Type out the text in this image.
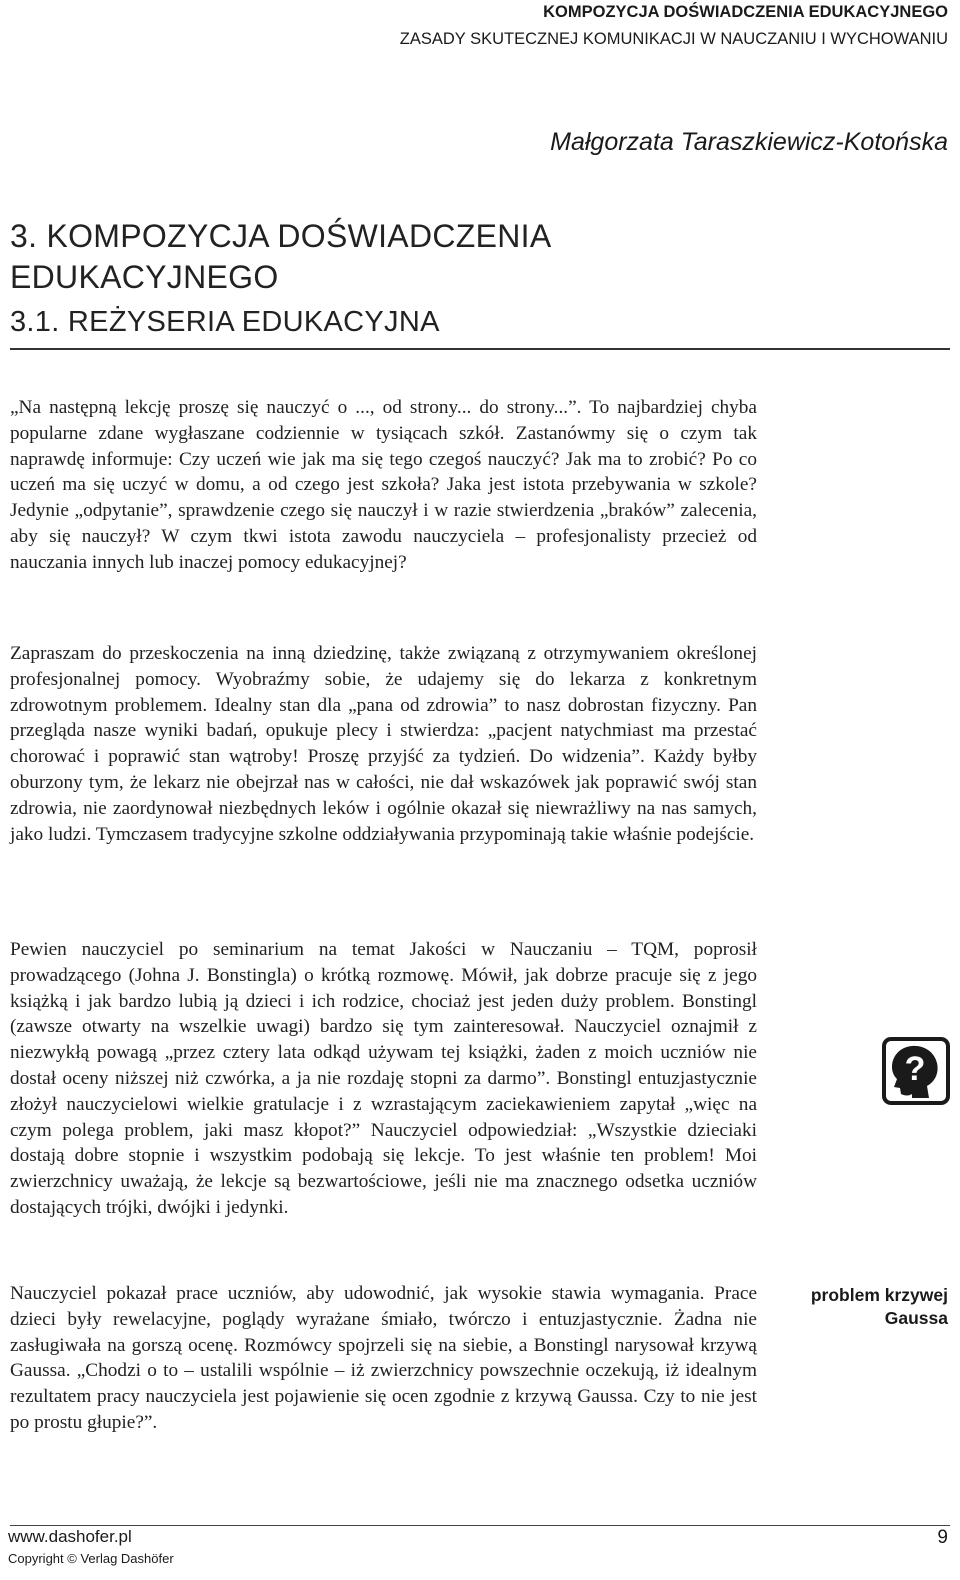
KOMPOZYCJA DOŚWIADCZENIA EDUKACYJNEGO
ZASADY SKUTECZNEJ KOMUNIKACJI W NAUCZANIU I WYCHOWANIU
Małgorzata Taraszkiewicz-Kotońska
3. KOMPOZYCJA DOŚWIADCZENIA
EDUKACYJNEGO
3.1. REŻYSERIA EDUKACYJNA

„Na następną lekcję proszę się nauczyć o ..., od strony... do strony...”. To najbardziej chyba popularne zdane wygłaszane codziennie w tysiącach szkół. Zastanówmy się o czym tak naprawdę informuje: Czy uczeń wie jak ma się tego czegoś nauczyć? Jak ma to zrobić? Po co uczeń ma się uczyć w domu, a od czego jest szkoła? Jaka jest istota przebywania w szkole? Jedynie „odpytanie”, sprawdzenie czego się nauczył i w razie stwierdzenia „braków” zalecenia, aby się nauczył? W czym tkwi istota zawodu nauczyciela – profesjonalisty przecież od nauczania innych lub inaczej pomocy edukacyjnej?

Zapraszam do przeskoczenia na inną dziedzinę, także związaną z otrzymywaniem określonej profesjonalnej pomocy. Wyobraźmy sobie, że udajemy się do lekarza z konkretnym zdrowotnym problemem. Idealny stan dla „pana od zdrowia” to nasz dobrostan fizyczny. Pan przegląda nasze wyniki badań, opukuje plecy i stwierdza: „pacjent natychmiast ma przestać chorować i poprawić stan wątroby! Proszę przyjść za tydzień. Do widzenia”. Każdy byłby oburzony tym, że lekarz nie obejrzał nas w całości, nie dał wskazówek jak poprawić swój stan zdrowia, nie zaordynował niezbędnych leków i ogólnie okazał się niewrażliwy na nas samych, jako ludzi. Tymczasem tradycyjne szkolne oddziaływania przypominają takie właśnie podejście.

Pewien nauczyciel po seminarium na temat Jakości w Nauczaniu – TQM, poprosił prowadzącego (Johna J. Bonstingla) o krótką rozmowę. Mówił, jak dobrze pracuje się z jego książką i jak bardzo lubią ją dzieci i ich rodzice, chociaż jest jeden duży problem. Bonstingl (zawsze otwarty na wszelkie uwagi) bardzo się tym zainteresował. Nauczyciel oznajmił z niezwykłą powagą „przez cztery lata odkąd używam tej książki, żaden z moich uczniów nie dostał oceny niższej niż czwórka, a ja nie rozdaję stopni za darmo”. Bonstingl entuzjastycznie złożył nauczycielowi wielkie gratulacje i z wzrastającym zaciekawieniem zapytał „więc na czym polega problem, jaki masz kłopot?” Nauczyciel odpowiedział: „Wszystkie dzieciaki dostają dobre stopnie i wszystkim podobają się lekcje. To jest właśnie ten problem! Moi zwierzchnicy uważają, że lekcje są bezwartościowe, jeśli nie ma znacznego odsetka uczniów dostających trójki, dwójki i jedynki.

Nauczyciel pokazał prace uczniów, aby udowodnić, jak wysokie stawia wymagania. Prace dzieci były rewelacyjne, poglądy wyrażane śmiało, twórczo i entuzjastycznie. Żadna nie zasługiwała na gorszą ocenę. Rozmówcy spojrzeli się na siebie, a Bonstingl narysował krzywą Gaussa. „Chodzi o to – ustalili wspólnie – iż zwierzchnicy powszechnie oczekują, iż idealnym rezultatem pracy nauczyciela jest pojawienie się ocen zgodnie z krzywą Gaussa. Czy to nie jest po prostu głupie?”.

?
problem krzywej
Gaussa
www.dashofer.pl
Copyright © Verlag Dashöfer
9
